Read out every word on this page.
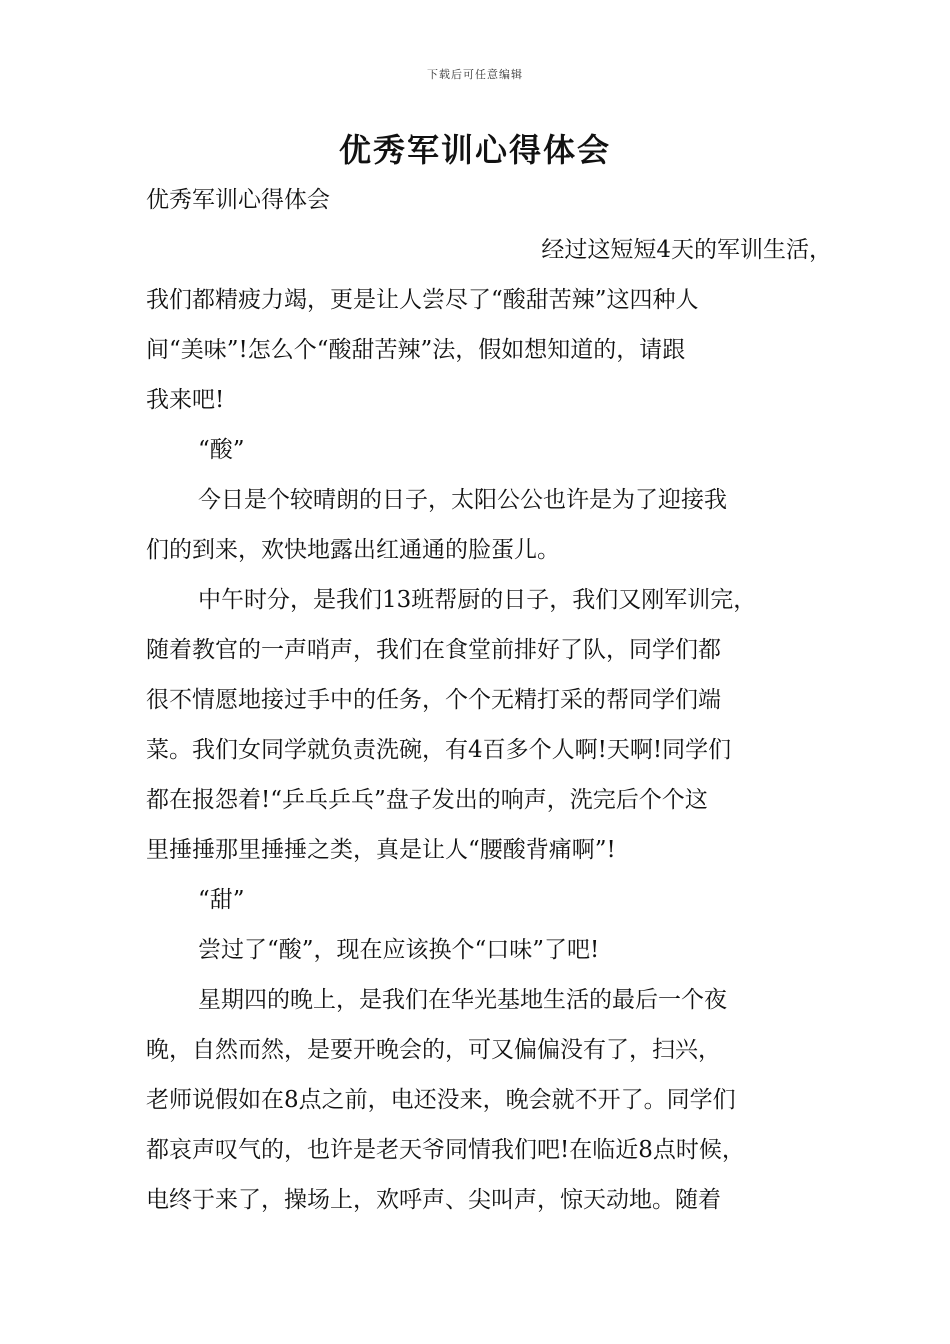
下载后可任意编辑
优秀军训心得体会
优秀军训心得体会
经过这短短4天的军训生活，
我们都精疲力竭，更是让人尝尽了“酸甜苦辣”这四种人
间“美味”!怎么个“酸甜苦辣”法，假如想知道的，请跟
我来吧!
“酸”
今日是个较晴朗的日子，太阳公公也许是为了迎接我
们的到来，欢快地露出红通通的脸蛋儿。
中午时分，是我们13班帮厨的日子，我们又刚军训完，
随着教官的一声哨声，我们在食堂前排好了队，同学们都
很不情愿地接过手中的任务，个个无精打采的帮同学们端
菜。我们女同学就负责洗碗，有4百多个人啊!天啊!同学们
都在报怨着!“乒乓乒乓”盘子发出的响声，洗完后个个这
里捶捶那里捶捶之类，真是让人“腰酸背痛啊”!
“甜”
尝过了“酸”，现在应该换个“口味”了吧!
星期四的晚上，是我们在华光基地生活的最后一个夜
晚，自然而然，是要开晚会的，可又偏偏没有了，扫兴，
老师说假如在8点之前，电还没来，晚会就不开了。同学们
都哀声叹气的，也许是老天爷同情我们吧!在临近8点时候，
电终于来了，操场上，欢呼声、尖叫声，惊天动地。随着
